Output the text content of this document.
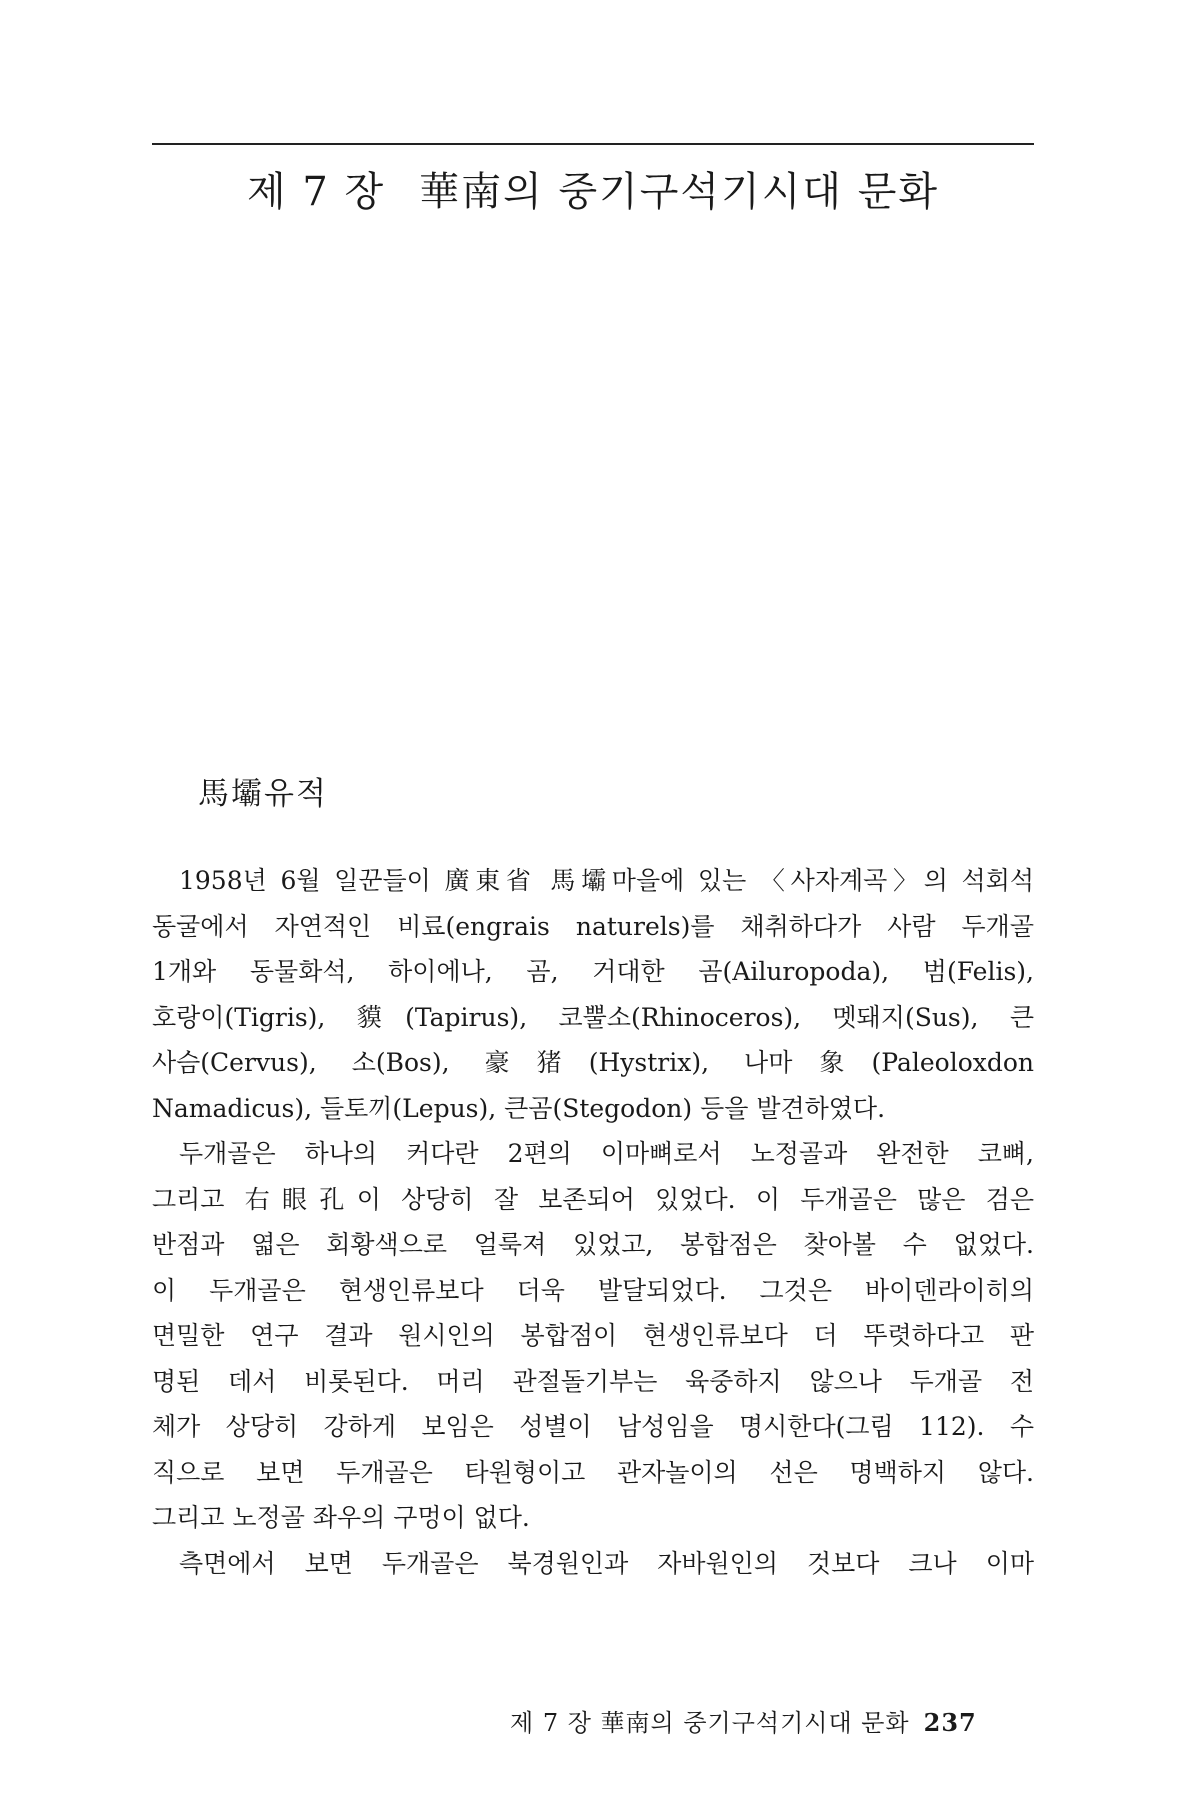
제 7 장 華南의 중기구석기시대 문화
馬壩유적
1958년 6월 일꾼들이 廣東省 馬壩마을에 있는 〈사자계곡〉의 석회석
동굴에서 자연적인 비료(engrais naturels)를 채취하다가 사람 두개골
1개와 동물화석, 하이에나, 곰, 거대한 곰(Ailuropoda), 범(Felis),
호랑이(Tigris), 貘(Tapirus), 코뿔소(Rhinoceros), 멧돼지(Sus), 큰
사슴(Cervus), 소(Bos), 豪猪(Hystrix), 나마象(Paleoloxdon
Namadicus), 들토끼(Lepus), 큰곰(Stegodon) 등을 발견하였다.
두개골은 하나의 커다란 2편의 이마뼈로서 노정골과 완전한 코뼈,
그리고 右眼孔이 상당히 잘 보존되어 있었다. 이 두개골은 많은 검은
반점과 엷은 회황색으로 얼룩져 있었고, 봉합점은 찾아볼 수 없었다.
이 두개골은 현생인류보다 더욱 발달되었다. 그것은 바이덴라이히의
면밀한 연구 결과 원시인의 봉합점이 현생인류보다 더 뚜렷하다고 판
명된 데서 비롯된다. 머리 관절돌기부는 육중하지 않으나 두개골 전
체가 상당히 강하게 보임은 성별이 남성임을 명시한다(그림 112). 수
직으로 보면 두개골은 타원형이고 관자놀이의 선은 명백하지 않다.
그리고 노정골 좌우의 구멍이 없다.
측면에서 보면 두개골은 북경원인과 자바원인의 것보다 크나 이마
제 7 장 華南의 중기구석기시대 문화 237
